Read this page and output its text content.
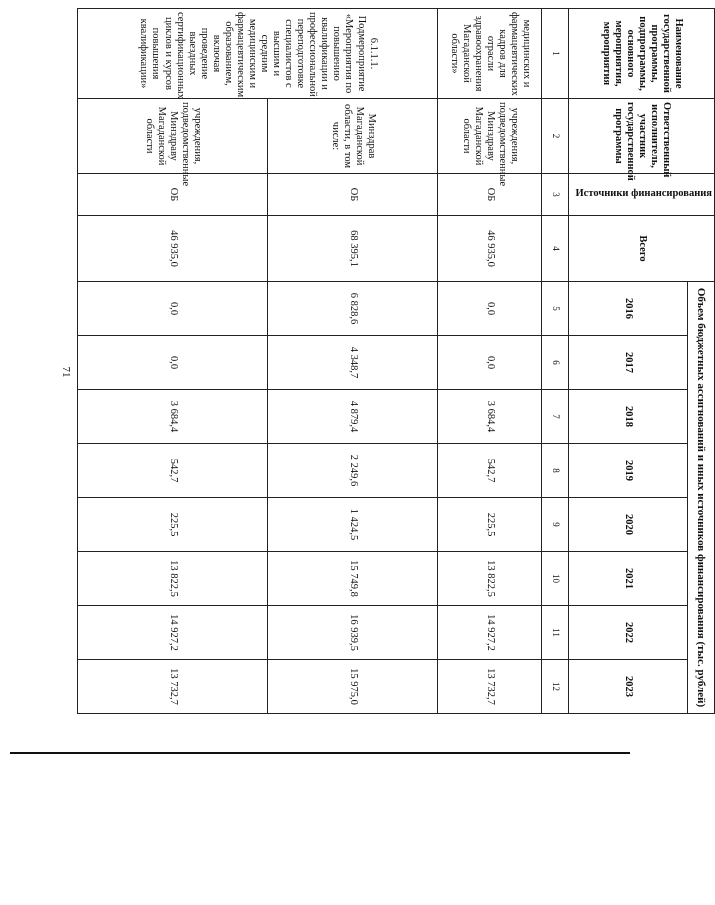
71
Наименование государственной программы, подпрограммы, основного мероприятия, мероприятия	Ответственный исполнитель, участник государственной программы	Источники финансирования	Всего	Объем бюджетных ассигнований и иных источников финансирования (тыс. рублей)							
				2016	2017	2018	2019	2020	2021	2022	2023
1	2	3	4	5	6	7	8	9	10	11	12
медицинских и фармацевтических кадров для отрасли здравоохранения Магаданской области»	учреждения, подведомственные Минздраву Магаданской области	ОБ	46 935,0	0,0	0,0	3 684,4	542,7	225,5	13 822,5	14 927,2	13 732,7
6.1.1.1. Подмероприятие «Мероприятия по повышению квалификации и профессиональной переподготовке специалистов с высшим и средним медицинским и фармацевтическим образованием, включая проведение выездных сертификационных циклов и курсов повышения квалификации»	Минздрав Магаданской области, в том числе:	ОБ	68 395,1	6 828,6	4 348,7	4 879,4	2 249,6	1 424,5	15 749,8	16 939,5	15 975,0
	учреждения, подведомственные Минздраву Магаданской области	ОБ	46 935,0	0,0	0,0	3 684,4	542,7	225,5	13 822,5	14 927,2	13 732,7
